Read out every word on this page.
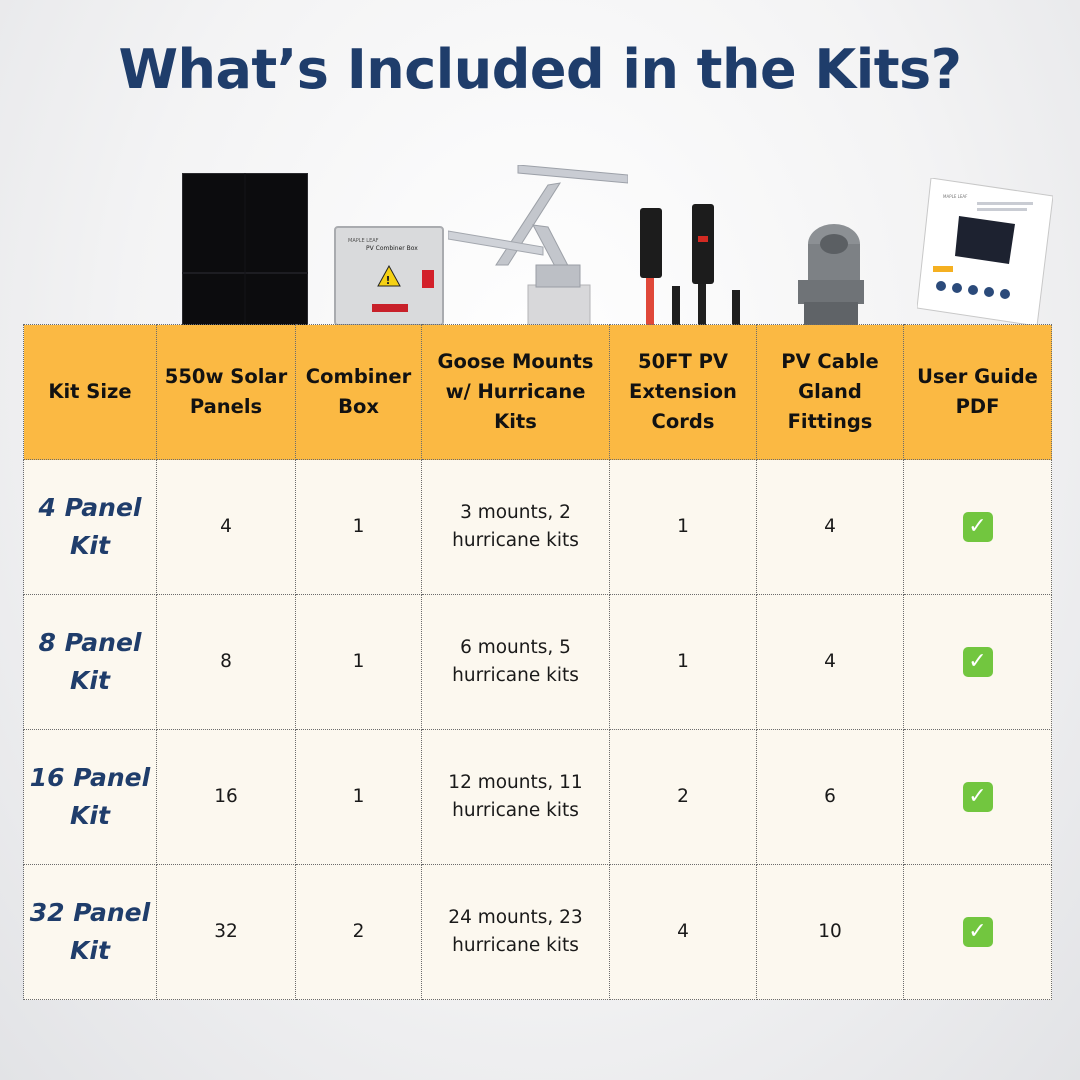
What’s Included in the Kits?
MAPLE LEAF
PV Combiner Box
!
MAPLE LEAF
Kit Size	550w Solar Panels	Combiner Box	Goose Mounts w/ Hurricane Kits	50FT PV Extension Cords	PV Cable Gland Fittings	User Guide PDF
4 Panel Kit	4	1	3 mounts, 2 hurricane kits	1	4	✓
8 Panel Kit	8	1	6 mounts, 5 hurricane kits	1	4	✓
16 Panel Kit	16	1	12 mounts, 11 hurricane kits	2	6	✓
32 Panel Kit	32	2	24 mounts, 23 hurricane kits	4	10	✓
